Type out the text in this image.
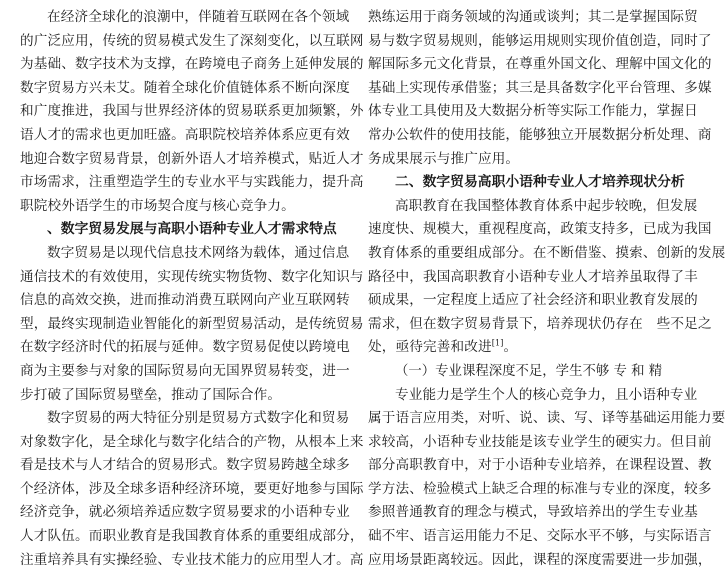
在经济全球化的浪潮中，伴随着互联网在各个领域
的广泛应用，传统的贸易模式发生了深刻变化，以互联网
为基础、数字技术为支撑，在跨境电子商务上延伸发展的
数字贸易方兴未艾。随着全球化价值链体系不断向深度
和广度推进，我国与世界经济体的贸易联系更加频繁，外
语人才的需求也更加旺盛。高职院校培养体系应更有效
地迎合数字贸易背景，创新外语人才培养模式，贴近人才
市场需求，注重塑造学生的专业水平与实践能力，提升高
职院校外语学生的市场契合度与核心竞争力。
、数字贸易发展与高职小语种专业人才需求特点
数字贸易是以现代信息技术网络为载体，通过信息
通信技术的有效使用，实现传统实物货物、数字化知识与
信息的高效交换，进而推动消费互联网向产业互联网转
型，最终实现制造业智能化的新型贸易活动，是传统贸易
在数字经济时代的拓展与延伸。数字贸易促使以跨境电
商为主要参与对象的国际贸易向无国界贸易转变，进一
步打破了国际贸易壁垒，推动了国际合作。
数字贸易的两大特征分别是贸易方式数字化和贸易
对象数字化，是全球化与数字化结合的产物，从根本上来
看是技术与人才结合的贸易形式。数字贸易跨越全球多
个经济体，涉及全球多语种经济环境，要更好地参与国际
经济竞争，就必须培养适应数字贸易要求的小语种专业
人才队伍。而职业教育是我国教育体系的重要组成部分，
注重培养具有实操经验、专业技术能力的应用型人才。高
熟练运用于商务领域的沟通或谈判；其二是掌握国际贸
易与数字贸易规则，能够运用规则实现价值创造，同时了
解国际多元文化背景，在尊重外国文化、理解中国文化的
基础上实现传承借鉴；其三是具备数字化平台管理、多媒
体专业工具使用及大数据分析等实际工作能力，掌握日
常办公软件的使用技能，能够独立开展数据分析处理、商
务成果展示与推广应用。
二、数字贸易高职小语种专业人才培养现状分析
高职教育在我国整体教育体系中起步较晚，但发展
速度快、规模大，重视程度高，政策支持多，已成为我国
教育体系的重要组成部分。在不断借鉴、摸索、创新的发展
路径中，我国高职教育小语种专业人才培养虽取得了丰
硕成果，一定程度上适应了社会经济和职业教育发展的
需求，但在数字贸易背景下，培养现状仍存在　些不足之
处，亟待完善和改进[1]。
（一）专业课程深度不足，学生不够 专 和 精
专业能力是学生个人的核心竞争力，且小语种专业
属于语言应用类，对听、说、读、写、译等基础运用能力要
求较高，小语种专业技能是该专业学生的硬实力。但目前
部分高职教育中，对于小语种专业培养，在课程设置、教
学方法、检验模式上缺乏合理的标准与专业的深度，较多
参照普通教育的理念与模式，导致培养出的学生专业基
础不牢、语言运用能力不足、交际水平不够，与实际语言
应用场景距离较远。因此，课程的深度需要进一步加强，
